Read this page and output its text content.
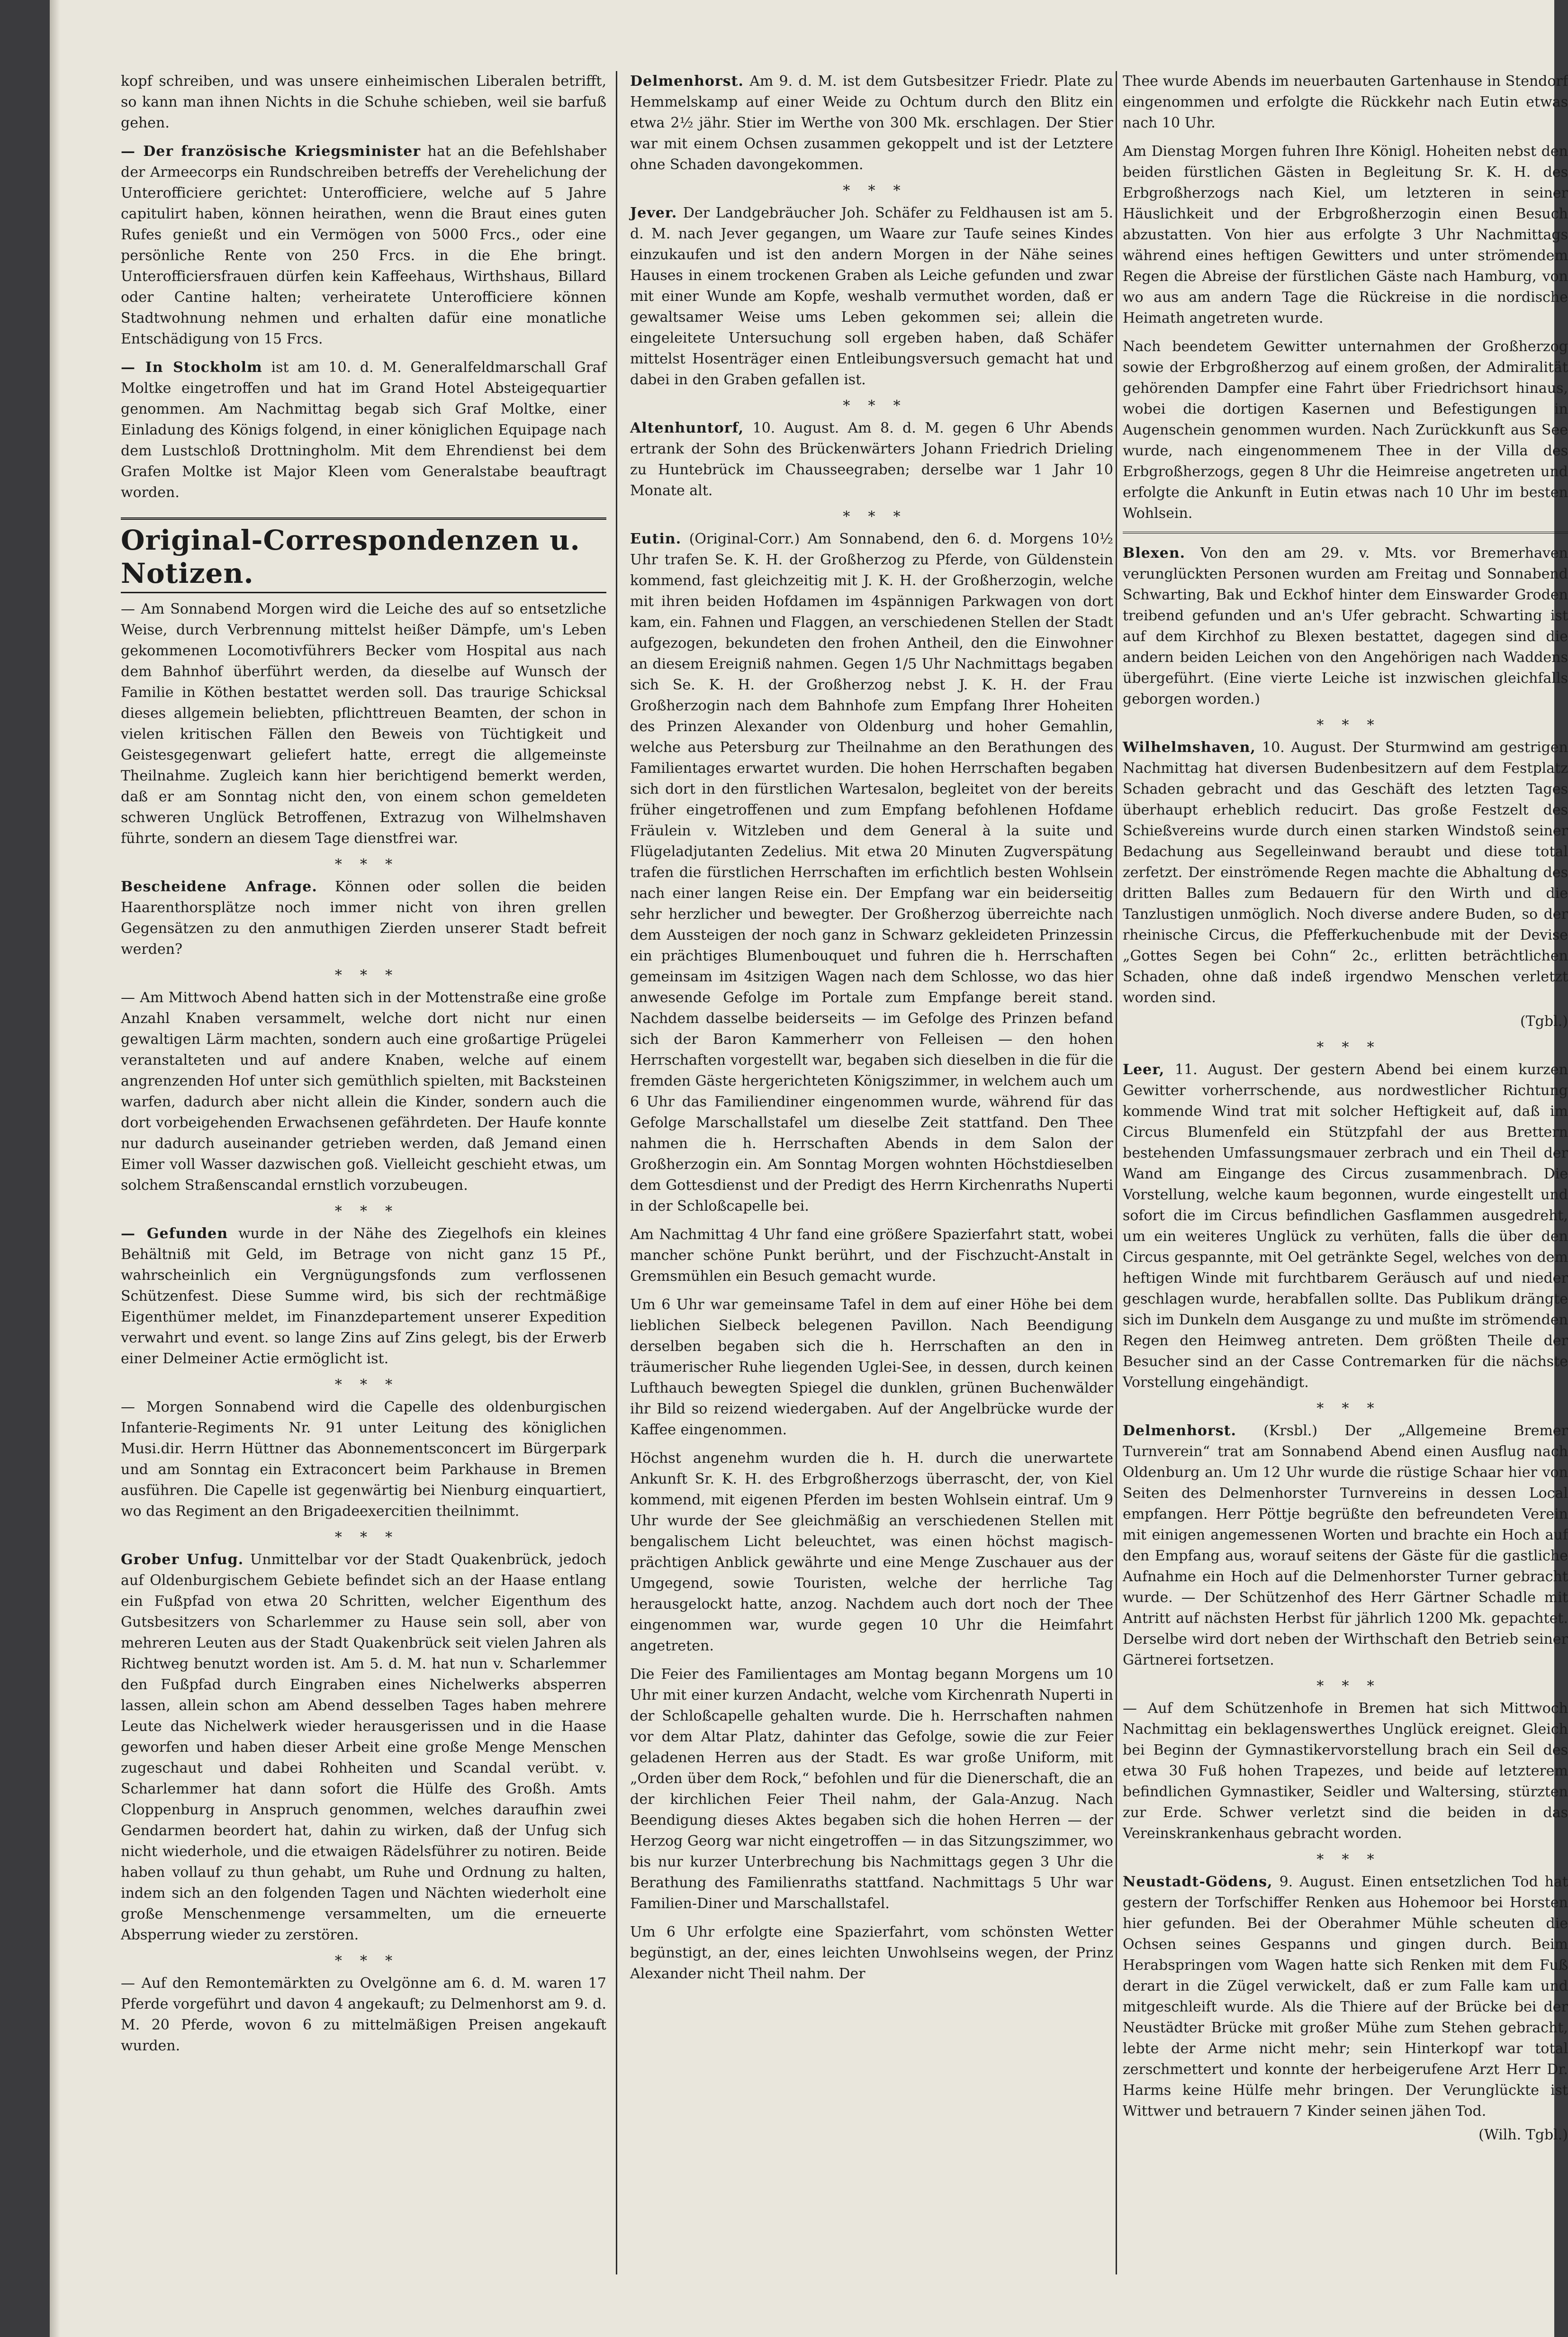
kopf schreiben, und was unsere einheimischen Liberalen betrifft, so kann man ihnen Nichts in die Schuhe schieben, weil sie barfuß gehen.

— Der französische Kriegsminister hat an die Befehlshaber der Armeecorps ein Rundschreiben betreffs der Verehelichung der Unterofficiere gerichtet: Unterofficiere, welche auf 5 Jahre capitulirt haben, können heirathen, wenn die Braut eines guten Rufes genießt und ein Vermögen von 5000 Frcs., oder eine persönliche Rente von 250 Frcs. in die Ehe bringt. Unterofficiersfrauen dürfen kein Kaffeehaus, Wirthshaus, Billard oder Cantine halten; verheiratete Unterofficiere können Stadtwohnung nehmen und erhalten dafür eine monatliche Entschädigung von 15 Frcs.

— In Stockholm ist am 10. d. M. Generalfeldmarschall Graf Moltke eingetroffen und hat im Grand Hotel Absteigequartier genommen. Am Nachmittag begab sich Graf Moltke, einer Einladung des Königs folgend, in einer königlichen Equipage nach dem Lustschloß Drottningholm. Mit dem Ehrendienst bei dem Grafen Moltke ist Major Kleen vom Generalstabe beauftragt worden.

Original-Correspondenzen u. Notizen.

— Am Sonnabend Morgen wird die Leiche des auf so entsetzliche Weise, durch Verbrennung mittelst heißer Dämpfe, um's Leben gekommenen Locomotivführers Becker vom Hospital aus nach dem Bahnhof überführt werden, da dieselbe auf Wunsch der Familie in Köthen bestattet werden soll. Das traurige Schicksal dieses allgemein beliebten, pflichttreuen Beamten, der schon in vielen kritischen Fällen den Beweis von Tüchtigkeit und Geistesgegenwart geliefert hatte, erregt die allgemeinste Theilnahme. Zugleich kann hier berichtigend bemerkt werden, daß er am Sonntag nicht den, von einem schon gemeldeten schweren Unglück Betroffenen, Extrazug von Wilhelmshaven führte, sondern an diesem Tage dienstfrei war.

*    *    *

Bescheidene Anfrage. Können oder sollen die beiden Haarenthorsplätze noch immer nicht von ihren grellen Gegensätzen zu den anmuthigen Zierden unserer Stadt befreit werden?

*    *    *

— Am Mittwoch Abend hatten sich in der Mottenstraße eine große Anzahl Knaben versammelt, welche dort nicht nur einen gewaltigen Lärm machten, sondern auch eine großartige Prügelei veranstalteten und auf andere Knaben, welche auf einem angrenzenden Hof unter sich gemüthlich spielten, mit Backsteinen warfen, dadurch aber nicht allein die Kinder, sondern auch die dort vorbeigehenden Erwachsenen gefährdeten. Der Haufe konnte nur dadurch auseinander getrieben werden, daß Jemand einen Eimer voll Wasser dazwischen goß. Vielleicht geschieht etwas, um solchem Straßenscandal ernstlich vorzubeugen.

*    *    *

— Gefunden wurde in der Nähe des Ziegelhofs ein kleines Behältniß mit Geld, im Betrage von nicht ganz 15 Pf., wahrscheinlich ein Vergnügungsfonds zum verflossenen Schützenfest. Diese Summe wird, bis sich der rechtmäßige Eigenthümer meldet, im Finanzdepartement unserer Expedition verwahrt und event. so lange Zins auf Zins gelegt, bis der Erwerb einer Delmeiner Actie ermöglicht ist.

*    *    *

— Morgen Sonnabend wird die Capelle des oldenburgischen Infanterie-Regiments Nr. 91 unter Leitung des königlichen Musi.dir. Herrn Hüttner das Abonnementsconcert im Bürgerpark und am Sonntag ein Extraconcert beim Parkhause in Bremen ausführen. Die Capelle ist gegenwärtig bei Nienburg einquartiert, wo das Regiment an den Brigadeexercitien theilnimmt.

*    *    *

Grober Unfug. Unmittelbar vor der Stadt Quakenbrück, jedoch auf Oldenburgischem Gebiete befindet sich an der Haase entlang ein Fußpfad von etwa 20 Schritten, welcher Eigenthum des Gutsbesitzers von Scharlemmer zu Hause sein soll, aber von mehreren Leuten aus der Stadt Quakenbrück seit vielen Jahren als Richtweg benutzt worden ist. Am 5. d. M. hat nun v. Scharlemmer den Fußpfad durch Eingraben eines Nichelwerks absperren lassen, allein schon am Abend desselben Tages haben mehrere Leute das Nichelwerk wieder herausgerissen und in die Haase geworfen und haben dieser Arbeit eine große Menge Menschen zugeschaut und dabei Rohheiten und Scandal verübt. v. Scharlemmer hat dann sofort die Hülfe des Großh. Amts Cloppenburg in Anspruch genommen, welches daraufhin zwei Gendarmen beordert hat, dahin zu wirken, daß der Unfug sich nicht wiederhole, und die etwaigen Rädelsführer zu notiren. Beide haben vollauf zu thun gehabt, um Ruhe und Ordnung zu halten, indem sich an den folgenden Tagen und Nächten wiederholt eine große Menschenmenge versammelten, um die erneuerte Absperrung wieder zu zerstören.

*    *    *

— Auf den Remontemärkten zu Ovelgönne am 6. d. M. waren 17 Pferde vorgeführt und davon 4 angekauft; zu Delmenhorst am 9. d. M. 20 Pferde, wovon 6 zu mittelmäßigen Preisen angekauft wurden.

Delmenhorst. Am 9. d. M. ist dem Gutsbesitzer Friedr. Plate zu Hemmelskamp auf einer Weide zu Ochtum durch den Blitz ein etwa 2½ jähr. Stier im Werthe von 300 Mk. erschlagen. Der Stier war mit einem Ochsen zusammen gekoppelt und ist der Letztere ohne Schaden davongekommen.

*    *    *

Jever. Der Landgebräucher Joh. Schäfer zu Feldhausen ist am 5. d. M. nach Jever gegangen, um Waare zur Taufe seines Kindes einzukaufen und ist den andern Morgen in der Nähe seines Hauses in einem trockenen Graben als Leiche gefunden und zwar mit einer Wunde am Kopfe, weshalb vermuthet worden, daß er gewaltsamer Weise ums Leben gekommen sei; allein die eingeleitete Untersuchung soll ergeben haben, daß Schäfer mittelst Hosenträger einen Entleibungsversuch gemacht hat und dabei in den Graben gefallen ist.

*    *    *

Altenhuntorf, 10. August. Am 8. d. M. gegen 6 Uhr Abends ertrank der Sohn des Brückenwärters Johann Friedrich Drieling zu Huntebrück im Chausseegraben; derselbe war 1 Jahr 10 Monate alt.

*    *    *

Eutin. (Original-Corr.) Am Sonnabend, den 6. d. Morgens 10½ Uhr trafen Se. K. H. der Großherzog zu Pferde, von Güldenstein kommend, fast gleichzeitig mit J. K. H. der Großherzogin, welche mit ihren beiden Hofdamen im 4spännigen Parkwagen von dort kam, ein. Fahnen und Flaggen, an verschiedenen Stellen der Stadt aufgezogen, bekundeten den frohen Antheil, den die Einwohner an diesem Ereigniß nahmen. Gegen 1/5 Uhr Nachmittags begaben sich Se. K. H. der Großherzog nebst J. K. H. der Frau Großherzogin nach dem Bahnhofe zum Empfang Ihrer Hoheiten des Prinzen Alexander von Oldenburg und hoher Gemahlin, welche aus Petersburg zur Theilnahme an den Berathungen des Familientages erwartet wurden. Die hohen Herrschaften begaben sich dort in den fürstlichen Wartesalon, begleitet von der bereits früher eingetroffenen und zum Empfang befohlenen Hofdame Fräulein v. Witzleben und dem General à la suite und Flügeladjutanten Zedelius. Mit etwa 20 Minuten Zugverspätung trafen die fürstlichen Herrschaften im erfichtlich besten Wohlsein nach einer langen Reise ein. Der Empfang war ein beiderseitig sehr herzlicher und bewegter. Der Großherzog überreichte nach dem Aussteigen der noch ganz in Schwarz gekleideten Prinzessin ein prächtiges Blumenbouquet und fuhren die h. Herrschaften gemeinsam im 4sitzigen Wagen nach dem Schlosse, wo das hier anwesende Gefolge im Portale zum Empfange bereit stand. Nachdem dasselbe beiderseits — im Gefolge des Prinzen befand sich der Baron Kammerherr von Felleisen — den hohen Herrschaften vorgestellt war, begaben sich dieselben in die für die fremden Gäste hergerichteten Königszimmer, in welchem auch um 6 Uhr das Familiendiner eingenommen wurde, während für das Gefolge Marschallstafel um dieselbe Zeit stattfand. Den Thee nahmen die h. Herrschaften Abends in dem Salon der Großherzogin ein. Am Sonntag Morgen wohnten Höchstdieselben dem Gottesdienst und der Predigt des Herrn Kirchenraths Nuperti in der Schloßcapelle bei.

Am Nachmittag 4 Uhr fand eine größere Spazierfahrt statt, wobei mancher schöne Punkt berührt, und der Fischzucht-Anstalt in Gremsmühlen ein Besuch gemacht wurde.

Um 6 Uhr war gemeinsame Tafel in dem auf einer Höhe bei dem lieblichen Sielbeck belegenen Pavillon. Nach Beendigung derselben begaben sich die h. Herrschaften an den in träumerischer Ruhe liegenden Uglei-See, in dessen, durch keinen Lufthauch bewegten Spiegel die dunklen, grünen Buchenwälder ihr Bild so reizend wiedergaben. Auf der Angelbrücke wurde der Kaffee eingenommen.

Höchst angenehm wurden die h. H. durch die unerwartete Ankunft Sr. K. H. des Erbgroßherzogs überrascht, der, von Kiel kommend, mit eigenen Pferden im besten Wohlsein eintraf. Um 9 Uhr wurde der See gleichmäßig an verschiedenen Stellen mit bengalischem Licht beleuchtet, was einen höchst magisch-prächtigen Anblick gewährte und eine Menge Zuschauer aus der Umgegend, sowie Touristen, welche der herrliche Tag herausgelockt hatte, anzog. Nachdem auch dort noch der Thee eingenommen war, wurde gegen 10 Uhr die Heimfahrt angetreten.

Die Feier des Familientages am Montag begann Morgens um 10 Uhr mit einer kurzen Andacht, welche vom Kirchenrath Nuperti in der Schloßcapelle gehalten wurde. Die h. Herrschaften nahmen vor dem Altar Platz, dahinter das Gefolge, sowie die zur Feier geladenen Herren aus der Stadt. Es war große Uniform, mit „Orden über dem Rock,“ befohlen und für die Dienerschaft, die an der kirchlichen Feier Theil nahm, der Gala-Anzug. Nach Beendigung dieses Aktes begaben sich die hohen Herren — der Herzog Georg war nicht eingetroffen — in das Sitzungszimmer, wo bis nur kurzer Unterbrechung bis Nachmittags gegen 3 Uhr die Berathung des Familienraths stattfand. Nachmittags 5 Uhr war Familien-Diner und Marschallstafel.

Um 6 Uhr erfolgte eine Spazierfahrt, vom schönsten Wetter begünstigt, an der, eines leichten Unwohlseins wegen, der Prinz Alexander nicht Theil nahm. Der

Thee wurde Abends im neuerbauten Gartenhause in Stendorf eingenommen und erfolgte die Rückkehr nach Eutin etwas nach 10 Uhr.

Am Dienstag Morgen fuhren Ihre Königl. Hoheiten nebst den beiden fürstlichen Gästen in Begleitung Sr. K. H. des Erbgroßherzogs nach Kiel, um letzteren in seiner Häuslichkeit und der Erbgroßherzogin einen Besuch abzustatten. Von hier aus erfolgte 3 Uhr Nachmittags während eines heftigen Gewitters und unter strömendem Regen die Abreise der fürstlichen Gäste nach Hamburg, von wo aus am andern Tage die Rückreise in die nordische Heimath angetreten wurde.

Nach beendetem Gewitter unternahmen der Großherzog sowie der Erbgroßherzog auf einem großen, der Admiralität gehörenden Dampfer eine Fahrt über Friedrichsort hinaus, wobei die dortigen Kasernen und Befestigungen in Augenschein genommen wurden. Nach Zurückkunft aus See wurde, nach eingenommenem Thee in der Villa des Erbgroßherzogs, gegen 8 Uhr die Heimreise angetreten und erfolgte die Ankunft in Eutin etwas nach 10 Uhr im besten Wohlsein.

Blexen. Von den am 29. v. Mts. vor Bremerhaven verunglückten Personen wurden am Freitag und Sonnabend Schwarting, Bak und Eckhof hinter dem Einswarder Groden treibend gefunden und an's Ufer gebracht. Schwarting ist auf dem Kirchhof zu Blexen bestattet, dagegen sind die andern beiden Leichen von den Angehörigen nach Waddens übergeführt. (Eine vierte Leiche ist inzwischen gleichfalls geborgen worden.)

*    *    *

Wilhelmshaven, 10. August. Der Sturmwind am gestrigen Nachmittag hat diversen Budenbesitzern auf dem Festplatz Schaden gebracht und das Geschäft des letzten Tages überhaupt erheblich reducirt. Das große Festzelt des Schießvereins wurde durch einen starken Windstoß seiner Bedachung aus Segelleinwand beraubt und diese total zerfetzt. Der einströmende Regen machte die Abhaltung des dritten Balles zum Bedauern für den Wirth und die Tanzlustigen unmöglich. Noch diverse andere Buden, so der rheinische Circus, die Pfefferkuchenbude mit der Devise „Gottes Segen bei Cohn“ 2c., erlitten beträchtlichen Schaden, ohne daß indeß irgendwo Menschen verletzt worden sind.

(Tgbl.)

*    *    *

Leer, 11. August. Der gestern Abend bei einem kurzen Gewitter vorherrschende, aus nordwestlicher Richtung kommende Wind trat mit solcher Heftigkeit auf, daß im Circus Blumenfeld ein Stützpfahl der aus Brettern bestehenden Umfassungsmauer zerbrach und ein Theil der Wand am Eingange des Circus zusammenbrach. Die Vorstellung, welche kaum begonnen, wurde eingestellt und sofort die im Circus befindlichen Gasflammen ausgedreht, um ein weiteres Unglück zu verhüten, falls die über den Circus gespannte, mit Oel getränkte Segel, welches von dem heftigen Winde mit furchtbarem Geräusch auf und nieder geschlagen wurde, herabfallen sollte. Das Publikum drängte sich im Dunkeln dem Ausgange zu und mußte im strömenden Regen den Heimweg antreten. Dem größten Theile der Besucher sind an der Casse Contremarken für die nächste Vorstellung eingehändigt.

*    *    *

Delmenhorst. (Krsbl.) Der „Allgemeine Bremer Turnverein“ trat am Sonnabend Abend einen Ausflug nach Oldenburg an. Um 12 Uhr wurde die rüstige Schaar hier von Seiten des Delmenhorster Turnvereins in dessen Local empfangen. Herr Pöttje begrüßte den befreundeten Verein mit einigen angemessenen Worten und brachte ein Hoch auf den Empfang aus, worauf seitens der Gäste für die gastliche Aufnahme ein Hoch auf die Delmenhorster Turner gebracht wurde. — Der Schützenhof des Herr Gärtner Schadle mit Antritt auf nächsten Herbst für jährlich 1200 Mk. gepachtet. Derselbe wird dort neben der Wirthschaft den Betrieb seiner Gärtnerei fortsetzen.

*    *    *

— Auf dem Schützenhofe in Bremen hat sich Mittwoch Nachmittag ein beklagenswerthes Unglück ereignet. Gleich bei Beginn der Gymnastikervorstellung brach ein Seil des etwa 30 Fuß hohen Trapezes, und beide auf letzterem befindlichen Gymnastiker, Seidler und Waltersing, stürzten zur Erde. Schwer verletzt sind die beiden in das Vereinskrankenhaus gebracht worden.

*    *    *

Neustadt-Gödens, 9. August. Einen entsetzlichen Tod hat gestern der Torfschiffer Renken aus Hohemoor bei Horsten hier gefunden. Bei der Oberahmer Mühle scheuten die Ochsen seines Gespanns und gingen durch. Beim Herabspringen vom Wagen hatte sich Renken mit dem Fuß derart in die Zügel verwickelt, daß er zum Falle kam und mitgeschleift wurde. Als die Thiere auf der Brücke bei der Neustädter Brücke mit großer Mühe zum Stehen gebracht, lebte der Arme nicht mehr; sein Hinterkopf war total zerschmettert und konnte der herbeigerufene Arzt Herr Dr. Harms keine Hülfe mehr bringen. Der Verunglückte ist Wittwer und betrauern 7 Kinder seinen jähen Tod.

(Wilh. Tgbl.)
